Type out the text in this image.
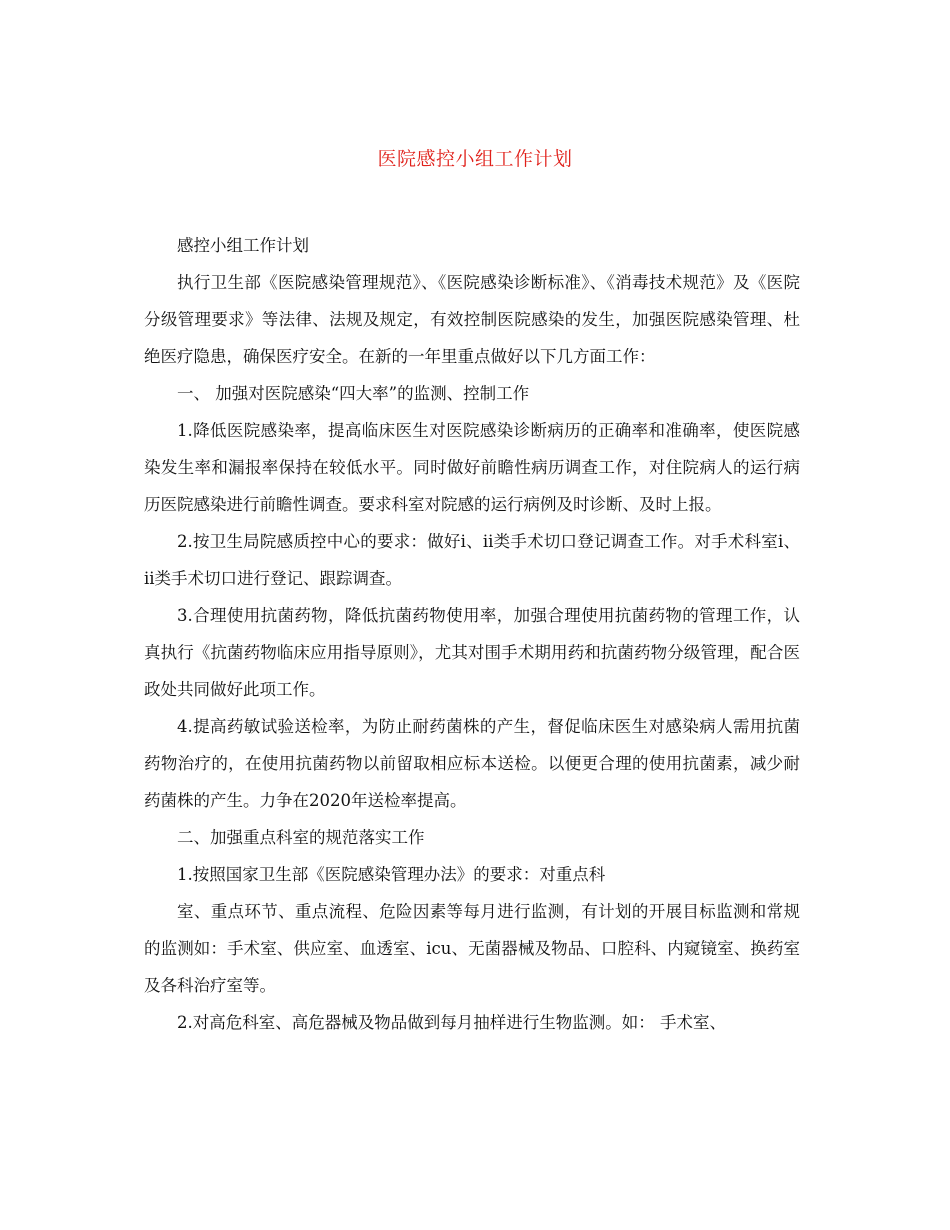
医院感控小组工作计划

感控小组工作计划

执行卫生部《医院感染管理规范》、《医院感染诊断标准》、《消毒技术规范》及《医院分级管理要求》等法律、法规及规定，有效控制医院感染的发生，加强医院感染管理、杜绝医疗隐患，确保医疗安全。在新的一年里重点做好以下几方面工作：

一、 加强对医院感染“四大率”的监测、控制工作

1.降低医院感染率，提高临床医生对医院感染诊断病历的正确率和准确率，使医院感染发生率和漏报率保持在较低水平。同时做好前瞻性病历调查工作，对住院病人的运行病历医院感染进行前瞻性调查。要求科室对院感的运行病例及时诊断、及时上报。

2.按卫生局院感质控中心的要求：做好i、ii类手术切口登记调查工作。对手术科室i、ii类手术切口进行登记、跟踪调查。

3.合理使用抗菌药物，降低抗菌药物使用率，加强合理使用抗菌药物的管理工作，认真执行《抗菌药物临床应用指导原则》，尤其对围手术期用药和抗菌药物分级管理，配合医政处共同做好此项工作。

4.提高药敏试验送检率，为防止耐药菌株的产生，督促临床医生对感染病人需用抗菌药物治疗的，在使用抗菌药物以前留取相应标本送检。以便更合理的使用抗菌素，减少耐药菌株的产生。力争在2020年送检率提高。

二、加强重点科室的规范落实工作

1.按照国家卫生部《医院感染管理办法》的要求：对重点科

室、重点环节、重点流程、危险因素等每月进行监测，有计划的开展目标监测和常规的监测如：手术室、供应室、血透室、icu、无菌器械及物品、口腔科、内窥镜室、换药室及各科治疗室等。

2.对高危科室、高危器械及物品做到每月抽样进行生物监测。如： 手术室、
